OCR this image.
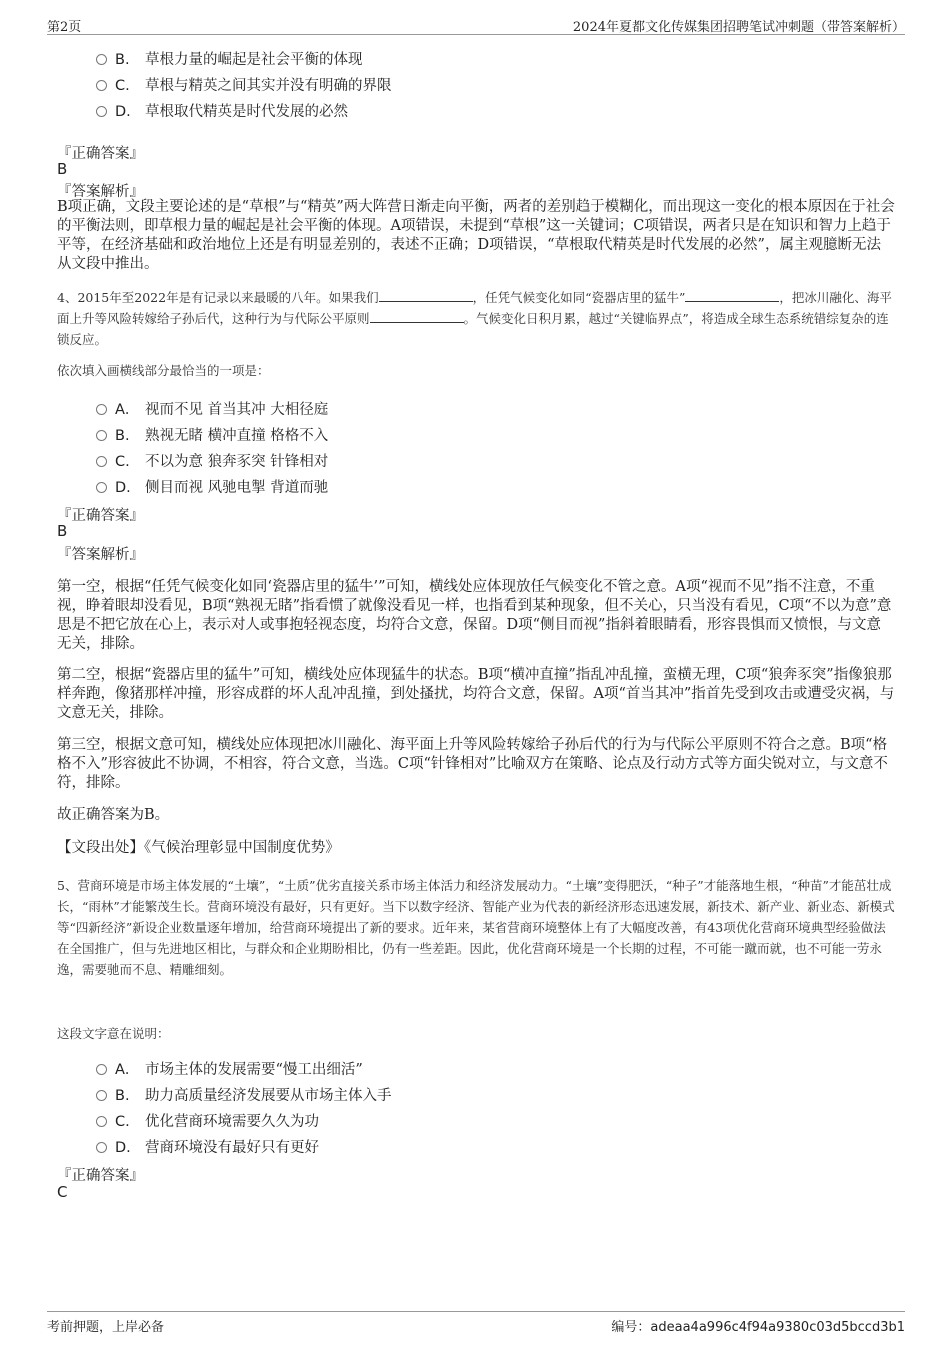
第2页	2024年夏都文化传媒集团招聘笔试冲刺题（带答案解析）
B. 草根力量的崛起是社会平衡的体现
C. 草根与精英之间其实并没有明确的界限
D. 草根取代精英是时代发展的必然
『正确答案』
B
『答案解析』
B项正确，文段主要论述的是“草根”与“精英”两大阵营日渐走向平衡，两者的差别趋于模糊化，而出现这一变化的根本原因在于社会的平衡法则，即草根力量的崛起是社会平衡的体现。A项错误，未提到“草根”这一关键词；C项错误，两者只是在知识和智力上趋于平等，在经济基础和政治地位上还是有明显差别的，表述不正确；D项错误，“草根取代精英是时代发展的必然”，属主观臆断无法从文段中推出。
4、2015年至2022年是有记录以来最暖的八年。如果我们	，任凭气候变化如同“瓷器店里的猛牛”	，把冰川融化、海平面上升等风险转嫁给子孙后代，这种行为与代际公平原则	。气候变化日积月累，越过“关键临界点”，将造成全球生态系统错综复杂的连锁反应。
依次填入画横线部分最恰当的一项是：
A． 视而不见 首当其冲 大相径庭
B. 熟视无睹 横冲直撞 格格不入
C. 不以为意 狼奔豕突 针锋相对
D. 侧目而视 风驰电掣 背道而驰
『正确答案』
B
『答案解析』
第一空，根据“任凭气候变化如同‘瓷器店里的猛牛’”可知，横线处应体现放任气候变化不管之意。A项“视而不见”指不注意，不重视，睁着眼却没看见，B项“熟视无睹”指看惯了就像没看见一样，也指看到某种现象，但不关心，只当没有看见，C项“不以为意”意思是不把它放在心上，表示对人或事抱轻视态度，均符合文意，保留。D项“侧目而视”指斜着眼睛看，形容畏惧而又愤恨，与文意无关，排除。
第二空，根据“瓷器店里的猛牛”可知，横线处应体现猛牛的状态。B项“横冲直撞”指乱冲乱撞，蛮横无理，C项“狼奔豕突”指像狼那样奔跑，像猪那样冲撞，形容成群的坏人乱冲乱撞，到处搔扰，均符合文意，保留。A项“首当其冲”指首先受到攻击或遭受灾祸，与文意无关，排除。
第三空，根据文意可知，横线处应体现把冰川融化、海平面上升等风险转嫁给子孙后代的行为与代际公平原则不符合之意。B项“格格不入”形容彼此不协调，不相容，符合文意，当选。C项“针锋相对”比喻双方在策略、论点及行动方式等方面尖锐对立，与文意不符，排除。
故正确答案为B。
【文段出处】《气候治理彰显中国制度优势》
5、营商环境是市场主体发展的“土壤”，“土质”优劣直接关系市场主体活力和经济发展动力。“土壤”变得肥沃，“种子”才能落地生根，“种苗”才能茁壮成长，“雨林”才能繁茂生长。营商环境没有最好，只有更好。当下以数字经济、智能产业为代表的新经济形态迅速发展，新技术、新产业、新业态、新模式等“四新经济”新设企业数量逐年增加，给营商环境提出了新的要求。近年来，某省营商环境整体上有了大幅度改善，有43项优化营商环境典型经验做法在全国推广，但与先进地区相比，与群众和企业期盼相比，仍有一些差距。因此，优化营商环境是一个长期的过程，不可能一蹴而就，也不可能一劳永逸，需要驰而不息、精雕细刻。
这段文字意在说明：
A． 市场主体的发展需要“慢工出细活”
B. 助力高质量经济发展要从市场主体入手
C. 优化营商环境需要久久为功
D. 营商环境没有最好只有更好
『正确答案』
C
考前押题，上岸必备	编号：adeaa4a996c4f94a9380c03d5bccd3b1
